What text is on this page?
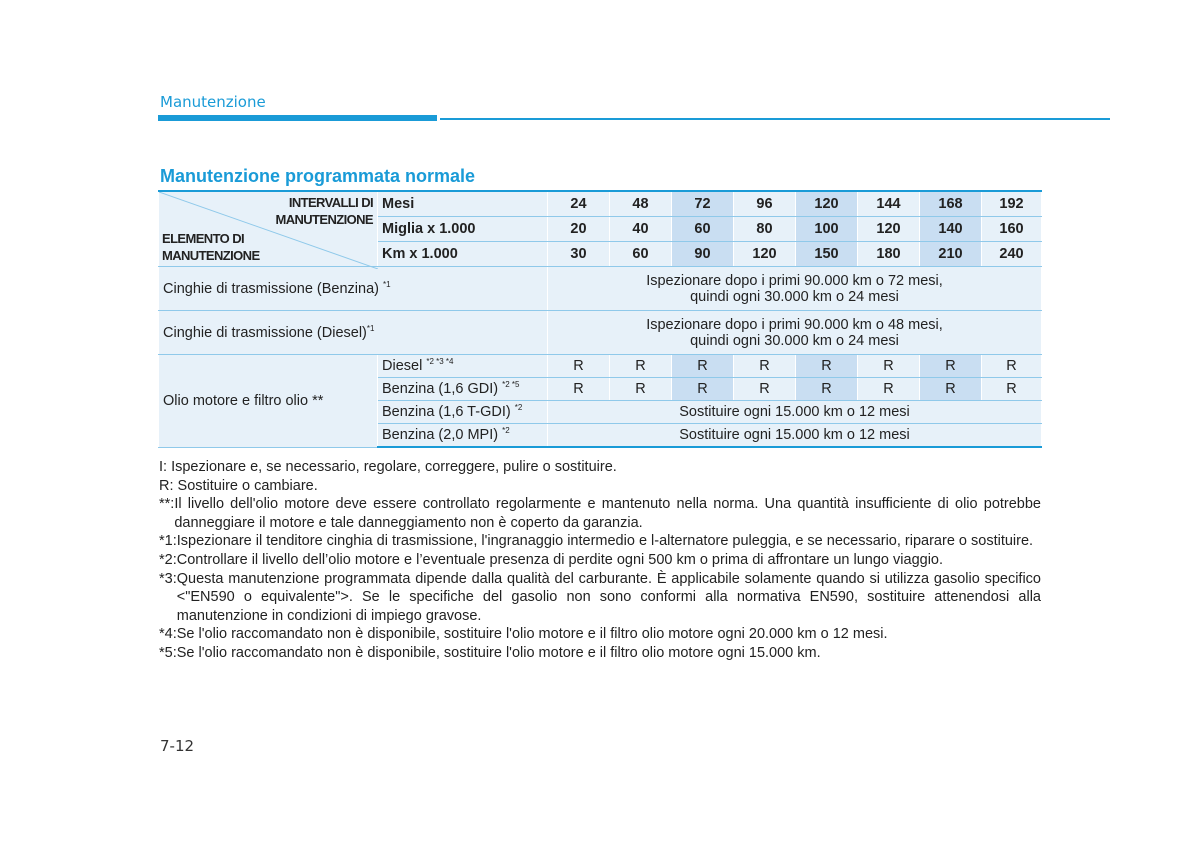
Manutenzione
Manutenzione programmata normale
INTERVALLI DI
MANUTENZIONE
ELEMENTO DI
MANUTENZIONE	Mesi	24	48	72	96	120	144	168	192
	Miglia x 1.000	20	40	60	80	100	120	140	160
	Km x 1.000	30	60	90	120	150	180	210	240
Cinghie di trasmissione (Benzina) $^{*1}$		Ispezionare dopo i primi 90.000 km o 72 mesi,
quindi ogni 30.000 km o 24 mesi							

Cinghie di trasmissione (Diesel)$^{*1}$		Ispezionare dopo i primi 90.000 km o 48 mesi,
quindi ogni 30.000 km o 24 mesi							

Olio motore e filtro olio **	Diesel $^{*2 *3 *4}$	R	R	R	R	R	R	R	R
	Benzina (1,6 GDI) $^{*2 *5}$	R	R	R	R	R	R	R	R
	Benzina (1,6 T-GDI) $^{*2}$	Sostituire ogni 15.000 km o 12 mesi							
	Benzina (2,0 MPI) $^{*2}$	Sostituire ogni 15.000 km o 12 mesi							
I: Ispezionare e, se necessario, regolare, correggere, pulire o sostituire.
R: Sostituire o cambiare.
**: Il livello dell'olio motore deve essere controllato regolarmente e mantenuto nella norma. Una quantità insufficiente di olio potrebbe danneggiare il motore e tale danneggiamento non è coperto da garanzia.
*1: Ispezionare il tenditore cinghia di trasmissione, l'ingranaggio intermedio e l-alternatore puleggia, e se necessario, riparare o sostituire.
*2: Controllare il livello dell’olio motore e l’eventuale presenza di perdite ogni 500 km o prima di affrontare un lungo viaggio.
*3: Questa manutenzione programmata dipende dalla qualità del carburante. È applicabile solamente quando si utilizza gasolio specifico <"EN590 o equivalente">. Se le specifiche del gasolio non sono conformi alla normativa EN590, sostituire attenendosi alla manutenzione in condizioni di impiego gravose.
*4: Se l'olio raccomandato non è disponibile, sostituire l'olio motore e il filtro olio motore ogni 20.000 km o 12 mesi.
*5: Se l'olio raccomandato non è disponibile, sostituire l'olio motore e il filtro olio motore ogni 15.000 km.
7-12
